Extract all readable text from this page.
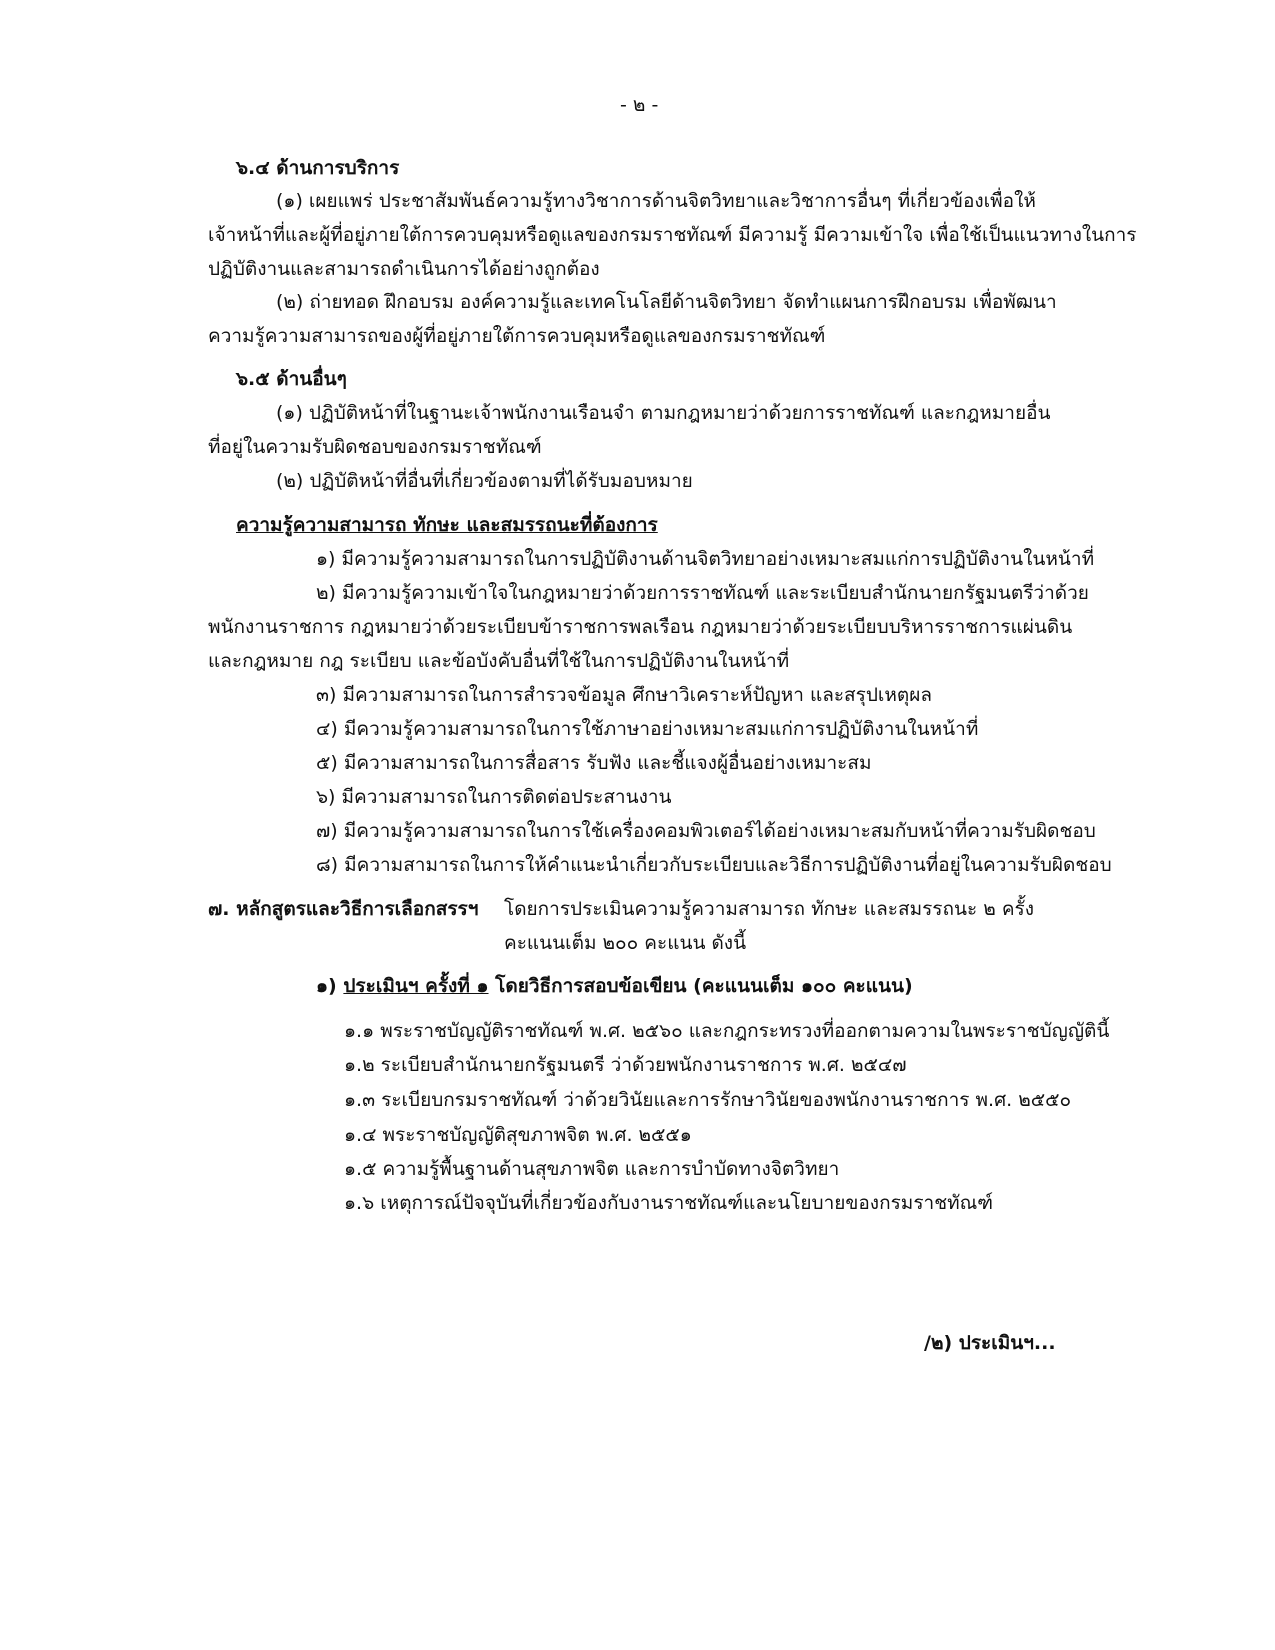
- ๒ -
๖.๔ ด้านการบริการ
(๑) เผยแพร่ ประชาสัมพันธ์ความรู้ทางวิชาการด้านจิตวิทยาและวิชาการอื่นๆ ที่เกี่ยวข้องเพื่อให้
เจ้าหน้าที่และผู้ที่อยู่ภายใต้การควบคุมหรือดูแลของกรมราชทัณฑ์ มีความรู้ มีความเข้าใจ เพื่อใช้เป็นแนวทางในการ
ปฏิบัติงานและสามารถดำเนินการได้อย่างถูกต้อง
(๒) ถ่ายทอด ฝึกอบรม องค์ความรู้และเทคโนโลยีด้านจิตวิทยา จัดทำแผนการฝึกอบรม เพื่อพัฒนา
ความรู้ความสามารถของผู้ที่อยู่ภายใต้การควบคุมหรือดูแลของกรมราชทัณฑ์
๖.๕ ด้านอื่นๆ
(๑) ปฏิบัติหน้าที่ในฐานะเจ้าพนักงานเรือนจำ ตามกฎหมายว่าด้วยการราชทัณฑ์ และกฎหมายอื่น
ที่อยู่ในความรับผิดชอบของกรมราชทัณฑ์
(๒) ปฏิบัติหน้าที่อื่นที่เกี่ยวข้องตามที่ได้รับมอบหมาย
ความรู้ความสามารถ ทักษะ และสมรรถนะที่ต้องการ
๑) มีความรู้ความสามารถในการปฏิบัติงานด้านจิตวิทยาอย่างเหมาะสมแก่การปฏิบัติงานในหน้าที่
๒) มีความรู้ความเข้าใจในกฎหมายว่าด้วยการราชทัณฑ์ และระเบียบสำนักนายกรัฐมนตรีว่าด้วย
พนักงานราชการ กฎหมายว่าด้วยระเบียบข้าราชการพลเรือน กฎหมายว่าด้วยระเบียบบริหารราชการแผ่นดิน
และกฎหมาย กฎ ระเบียบ และข้อบังคับอื่นที่ใช้ในการปฏิบัติงานในหน้าที่
๓) มีความสามารถในการสำรวจข้อมูล ศึกษาวิเคราะห์ปัญหา และสรุปเหตุผล
๔) มีความรู้ความสามารถในการใช้ภาษาอย่างเหมาะสมแก่การปฏิบัติงานในหน้าที่
๕) มีความสามารถในการสื่อสาร รับฟัง และชี้แจงผู้อื่นอย่างเหมาะสม
๖) มีความสามารถในการติดต่อประสานงาน
๗) มีความรู้ความสามารถในการใช้เครื่องคอมพิวเตอร์ได้อย่างเหมาะสมกับหน้าที่ความรับผิดชอบ
๘) มีความสามารถในการให้คำแนะนำเกี่ยวกับระเบียบและวิธีการปฏิบัติงานที่อยู่ในความรับผิดชอบ
๗. หลักสูตรและวิธีการเลือกสรรฯ โดยการประเมินความรู้ความสามารถ ทักษะ และสมรรถนะ ๒ ครั้ง
คะแนนเต็ม ๒๐๐ คะแนน ดังนี้
๑) ประเมินฯ ครั้งที่ ๑ โดยวิธีการสอบข้อเขียน (คะแนนเต็ม ๑๐๐ คะแนน)
๑.๑ พระราชบัญญัติราชทัณฑ์ พ.ศ. ๒๕๖๐ และกฎกระทรวงที่ออกตามความในพระราชบัญญัตินี้
๑.๒ ระเบียบสำนักนายกรัฐมนตรี ว่าด้วยพนักงานราชการ พ.ศ. ๒๕๔๗
๑.๓ ระเบียบกรมราชทัณฑ์ ว่าด้วยวินัยและการรักษาวินัยของพนักงานราชการ พ.ศ. ๒๕๕๐
๑.๔ พระราชบัญญัติสุขภาพจิต พ.ศ. ๒๕๕๑
๑.๕ ความรู้พื้นฐานด้านสุขภาพจิต และการบำบัดทางจิตวิทยา
๑.๖ เหตุการณ์ปัจจุบันที่เกี่ยวข้องกับงานราชทัณฑ์และนโยบายของกรมราชทัณฑ์
/๒) ประเมินฯ...
